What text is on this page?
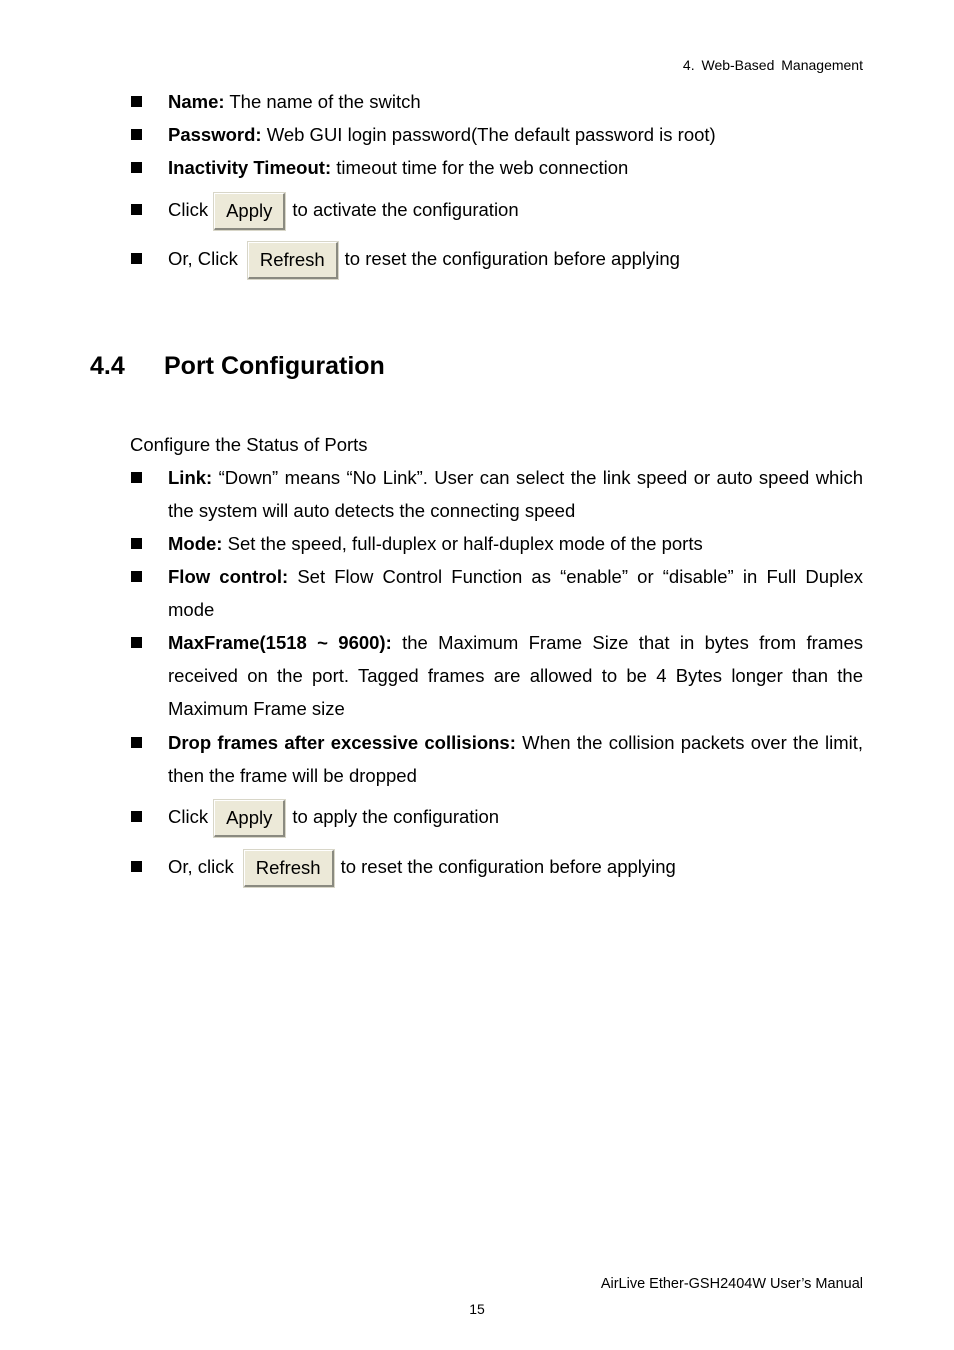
4. Web-Based Management
Name: The name of the switch
Password: Web GUI login password(The default password is root)
Inactivity Timeout: timeout time for the web connection
Click Apply to activate the configuration
Or, Click Refresh to reset the configuration before applying
4.4 Port Configuration
Configure the Status of Ports
Link: “Down” means “No Link”. User can select the link speed or auto speed which the system will auto detects the connecting speed
Mode: Set the speed, full-duplex or half-duplex mode of the ports
Flow control: Set Flow Control Function as “enable” or “disable” in Full Duplex mode
MaxFrame(1518 ~ 9600): the Maximum Frame Size that in bytes from frames received on the port. Tagged frames are allowed to be 4 Bytes longer than the Maximum Frame size
Drop frames after excessive collisions: When the collision packets over the limit, then the frame will be dropped
Click Apply to apply the configuration
Or, click Refresh to reset the configuration before applying
AirLive Ether-GSH2404W User’s Manual
15
